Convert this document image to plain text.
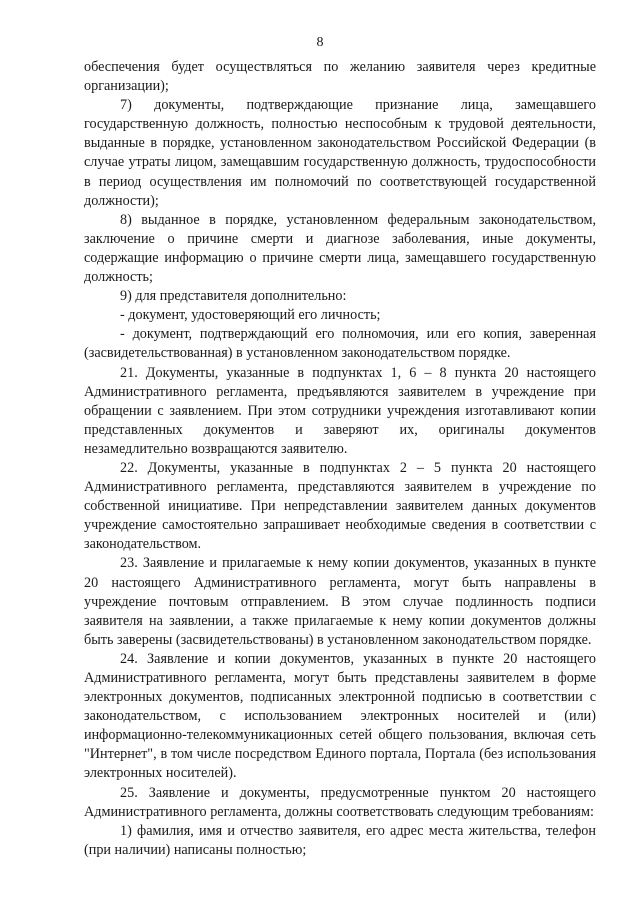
8

обеспечения будет осуществляться по желанию заявителя через кредитные организации);

7) документы, подтверждающие признание лица, замещавшего государственную должность, полностью неспособным к трудовой деятельности, выданные в порядке, установленном законодательством Российской Федерации (в случае утраты лицом, замещавшим государственную должность, трудоспособности в период осуществления им полномочий по соответствующей государственной должности);

8) выданное в порядке, установленном федеральным законодательством, заключение о причине смерти и диагнозе заболевания, иные документы, содержащие информацию о причине смерти лица, замещавшего государственную должность;

9) для представителя дополнительно:

- документ, удостоверяющий его личность;

- документ, подтверждающий его полномочия, или его копия, заверенная (засвидетельствованная) в установленном законодательством порядке.

21. Документы, указанные в подпунктах 1, 6 – 8 пункта 20 настоящего Административного регламента, предъявляются заявителем в учреждение при обращении с заявлением. При этом сотрудники учреждения изготавливают копии представленных документов и заверяют их, оригиналы документов незамедлительно возвращаются заявителю.

22. Документы, указанные в подпунктах 2 – 5 пункта 20 настоящего Административного регламента, представляются заявителем в учреждение по собственной инициативе. При непредставлении заявителем данных документов учреждение самостоятельно запрашивает необходимые сведения в соответствии с законодательством.

23. Заявление и прилагаемые к нему копии документов, указанных в пункте 20 настоящего Административного регламента, могут быть направлены в учреждение почтовым отправлением. В этом случае подлинность подписи заявителя на заявлении, а также прилагаемые к нему копии документов должны быть заверены (засвидетельствованы) в установленном законодательством порядке.

24. Заявление и копии документов, указанных в пункте 20 настоящего Административного регламента, могут быть представлены заявителем в форме электронных документов, подписанных электронной подписью в соответствии с законодательством, с использованием электронных носителей и (или) информационно-телекоммуникационных сетей общего пользования, включая сеть "Интернет", в том числе посредством Единого портала, Портала (без использования электронных носителей).

25. Заявление и документы, предусмотренные пунктом 20 настоящего Административного регламента, должны соответствовать следующим требованиям:

1) фамилия, имя и отчество заявителя, его адрес места жительства, телефон (при наличии) написаны полностью;
